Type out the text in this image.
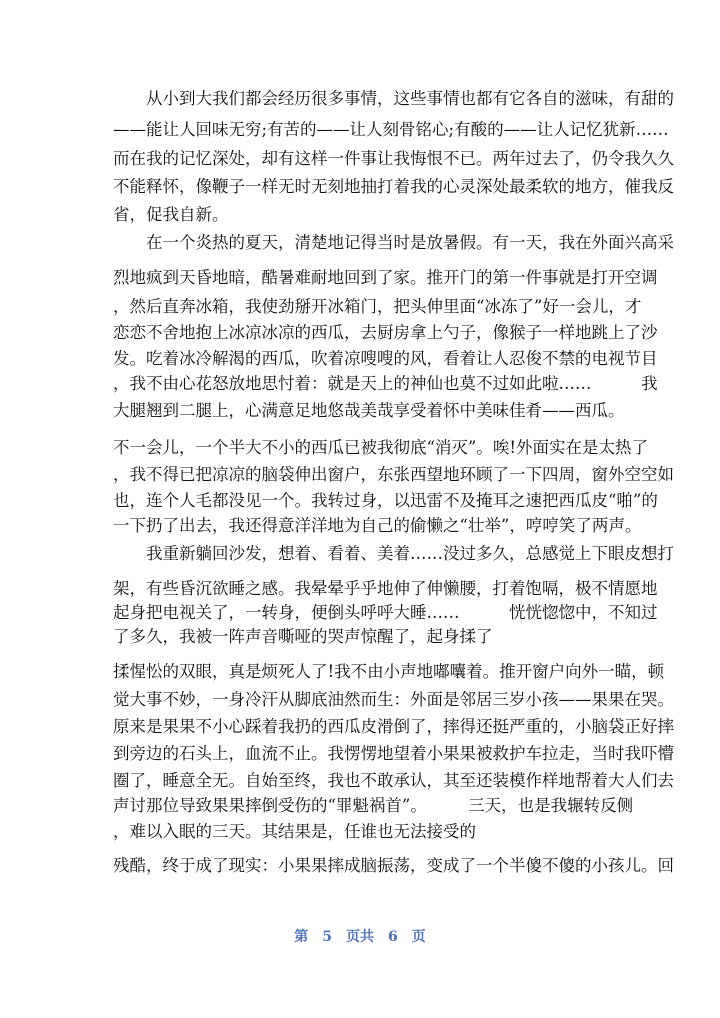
　　从小到大我们都会经历很多事情，这些事情也都有它各自的滋味，有甜的
——能让人回味无穷;有苦的——让人刻骨铭心;有酸的——让人记忆犹新……
而在我的记忆深处，却有这样一件事让我悔恨不已。两年过去了，仍令我久久
不能释怀，像鞭子一样无时无刻地抽打着我的心灵深处最柔软的地方，催我反
省，促我自新。
　　在一个炎热的夏天，清楚地记得当时是放暑假。有一天，我在外面兴高采
烈地疯到天昏地暗，酷暑难耐地回到了家。推开门的第一件事就是打开空调
，然后直奔冰箱，我使劲掰开冰箱门，把头伸里面“冰冻了”好一会儿，才
恋恋不舍地抱上冰凉冰凉的西瓜，去厨房拿上勺子，像猴子一样地跳上了沙
发。吃着冰冷解渴的西瓜，吹着凉嗖嗖的风，看着让人忍俊不禁的电视节目
，我不由心花怒放地思忖着：就是天上的神仙也莫不过如此啦……　　　我
大腿翘到二腿上，心满意足地悠哉美哉享受着怀中美味佳肴——西瓜。
不一会儿，一个半大不小的西瓜已被我彻底“消灭”。唉!外面实在是太热了
，我不得已把凉凉的脑袋伸出窗户，东张西望地环顾了一下四周，窗外空空如
也，连个人毛都没见一个。我转过身，以迅雷不及掩耳之速把西瓜皮“啪”的
一下扔了出去，我还得意洋洋地为自己的偷懒之“壮举”，哼哼笑了两声。
　　我重新躺回沙发，想着、看着、美着……没过多久，总感觉上下眼皮想打
架，有些昏沉欲睡之感。我晕晕乎乎地伸了伸懒腰，打着饱嗝，极不情愿地
起身把电视关了，一转身，便倒头呼呼大睡……　　　恍恍惚惚中，不知过
了多久，我被一阵声音嘶哑的哭声惊醒了，起身揉了
揉惺忪的双眼，真是烦死人了!我不由小声地嘟囔着。推开窗户向外一瞄，顿
觉大事不妙，一身冷汗从脚底油然而生：外面是邻居三岁小孩——果果在哭。
原来是果果不小心踩着我扔的西瓜皮滑倒了，摔得还挺严重的，小脑袋正好摔
到旁边的石头上，血流不止。我愣愣地望着小果果被救护车拉走，当时我吓懵
圈了，睡意全无。自始至终，我也不敢承认，其至还装模作样地帮着大人们去
声讨那位导致果果摔倒受伤的“罪魁祸首”。　　　三天，也是我辗转反侧
，难以入眠的三天。其结果是，任谁也无法接受的
残酷，终于成了现实：小果果摔成脑振荡，变成了一个半傻不傻的小孩儿。回
第　5　页共　6　页
